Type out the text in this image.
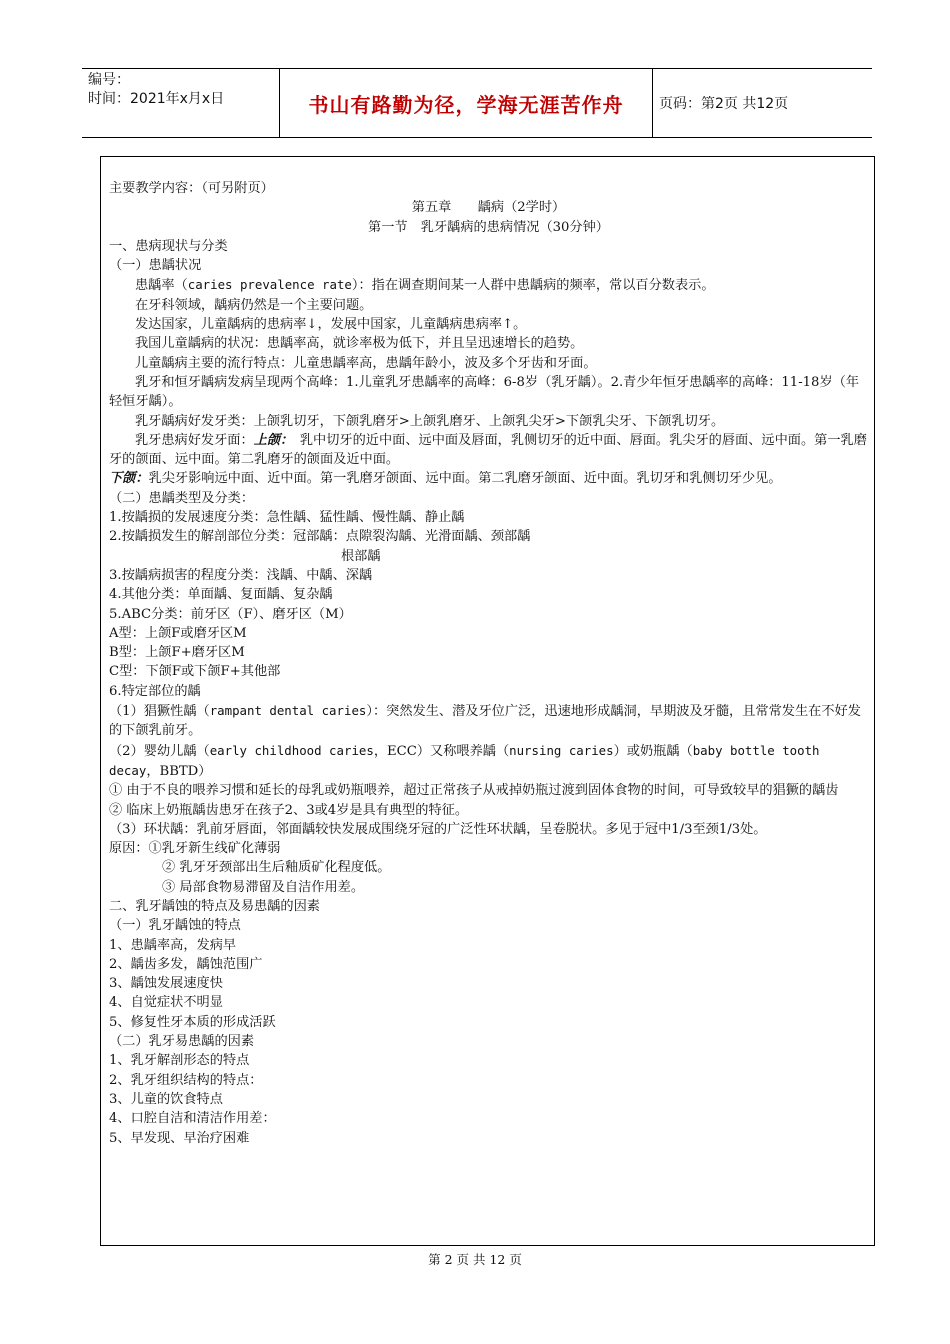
编号：
时间：2021年x月x日	书山有路勤为径，学海无涯苦作舟	页码：第2页 共12页

主要教学内容：（可另附页）

第五章　　龋病（2学时）

第一节　乳牙龋病的患病情况（30分钟）

一、患病现状与分类

（一）患龋状况

患龋率（caries prevalence rate）：指在调查期间某一人群中患龋病的频率，常以百分数表示。

在牙科领域，龋病仍然是一个主要问题。

发达国家，儿童龋病的患病率↓，发展中国家，儿童龋病患病率↑。

我国儿童龋病的状况：患龋率高，就诊率极为低下，并且呈迅速增长的趋势。

儿童龋病主要的流行特点：儿童患龋率高，患龋年龄小，波及多个牙齿和牙面。

乳牙和恒牙龋病发病呈现两个高峰：1.儿童乳牙患龋率的高峰：6-8岁（乳牙龋）。2.青少年恒牙患龋率的高峰：11-18岁（年轻恒牙龋）。

乳牙龋病好发牙类：上颌乳切牙，下颌乳磨牙>上颌乳磨牙、上颌乳尖牙>下颌乳尖牙、下颌乳切牙。

乳牙患病好发牙面：上颌：　乳中切牙的近中面、远中面及唇面，乳侧切牙的近中面、唇面。乳尖牙的唇面、远中面。第一乳磨牙的颌面、远中面。第二乳磨牙的颌面及近中面。

下颌：乳尖牙影响远中面、近中面。第一乳磨牙颌面、远中面。第二乳磨牙颌面、近中面。乳切牙和乳侧切牙少见。

（二）患龋类型及分类：

1.按龋损的发展速度分类：急性龋、猛性龋、慢性龋、静止龋

2.按龋损发生的解剖部位分类：冠部龋：点隙裂沟龋、光滑面龋、颈部龋

根部龋

3.按龋病损害的程度分类：浅龋、中龋、深龋

4.其他分类：单面龋、复面龋、复杂龋

5.ABC分类：前牙区（F）、磨牙区（M）

A型：上颌F或磨牙区M

B型：上颌F+磨牙区M

C型：下颌F或下颌F+其他部

6.特定部位的龋

（1）猖獗性龋（rampant dental caries）：突然发生、潜及牙位广泛，迅速地形成龋洞，早期波及牙髓，且常常发生在不好发的下颌乳前牙。

（2）婴幼儿龋（early childhood caries，ECC）又称喂养龋（nursing caries）或奶瓶龋（baby bottle tooth decay，BBTD）

① 由于不良的喂养习惯和延长的母乳或奶瓶喂养，超过正常孩子从戒掉奶瓶过渡到固体食物的时间，可导致较早的猖獗的龋齿

② 临床上奶瓶龋齿患牙在孩子2、3或4岁是具有典型的特征。

（3）环状龋：乳前牙唇面，邻面龋较快发展成围绕牙冠的广泛性环状龋，呈卷脱状。多见于冠中1/3至颈1/3处。

原因：①乳牙新生线矿化薄弱

② 乳牙牙颈部出生后釉质矿化程度低。

③ 局部食物易滞留及自洁作用差。

二、乳牙龋蚀的特点及易患龋的因素

（一）乳牙龋蚀的特点

1、患龋率高，发病早

2、龋齿多发，龋蚀范围广

3、龋蚀发展速度快

4、自觉症状不明显

5、修复性牙本质的形成活跃

（二）乳牙易患龋的因素

1、乳牙解剖形态的特点

2、乳牙组织结构的特点：

3、儿童的饮食特点

4、口腔自洁和清洁作用差：

5、早发现、早治疗困难

第 2 页 共 12 页
